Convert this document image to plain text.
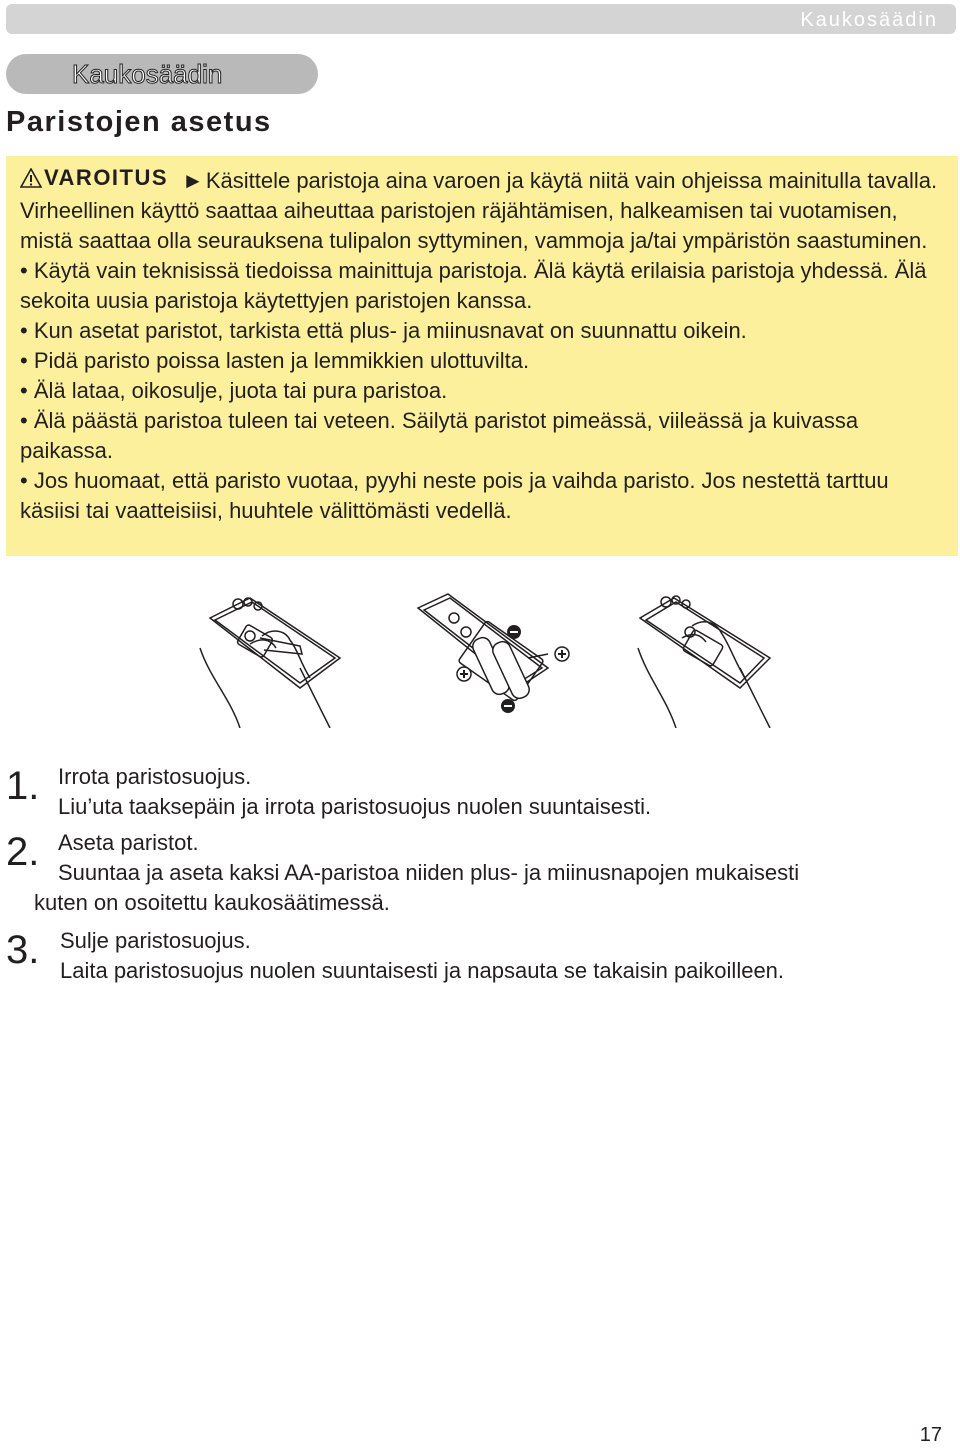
Kaukosäädin
Kaukosäädin
Paristojen asetus

VAROITUS ►Käsittele paristoja aina varoen ja käytä niitä vain ohjeissa mainitulla tavalla. Virheellinen käyttö saattaa aiheuttaa paristojen räjähtämisen, halkeamisen tai vuotamisen, mistä saattaa olla seurauksena tulipalon syttyminen, vammoja ja/tai ympäristön saastuminen.

• Käytä vain teknisissä tiedoissa mainittuja paristoja. Älä käytä erilaisia paristoja yhdessä. Älä sekoita uusia paristoja käytettyjen paristojen kanssa.

• Kun asetat paristot, tarkista että plus- ja miinusnavat on suunnattu oikein.

• Pidä paristo poissa lasten ja lemmikkien ulottuvilta.

• Älä lataa, oikosulje, juota tai pura paristoa.

• Älä päästä paristoa tuleen tai veteen. Säilytä paristot pimeässä, viileässä ja kuivassa paikassa.

• Jos huomaat, että paristo vuotaa, pyyhi neste pois ja vaihda paristo. Jos nestettä tarttuu käsiisi tai vaatteisiisi, huuhtele välittömästi vedellä.

1. Irrota paristosuojus.

Liu’uta taaksepäin ja irrota paristosuojus nuolen suuntaisesti.

2. Aseta paristot.

Suuntaa ja aseta kaksi AA-paristoa niiden plus- ja miinusnapojen mukaisesti

kuten on osoitettu kaukosäätimessä.

3. Sulje paristosuojus.

Laita paristosuojus nuolen suuntaisesti ja napsauta se takaisin paikoilleen.

17
